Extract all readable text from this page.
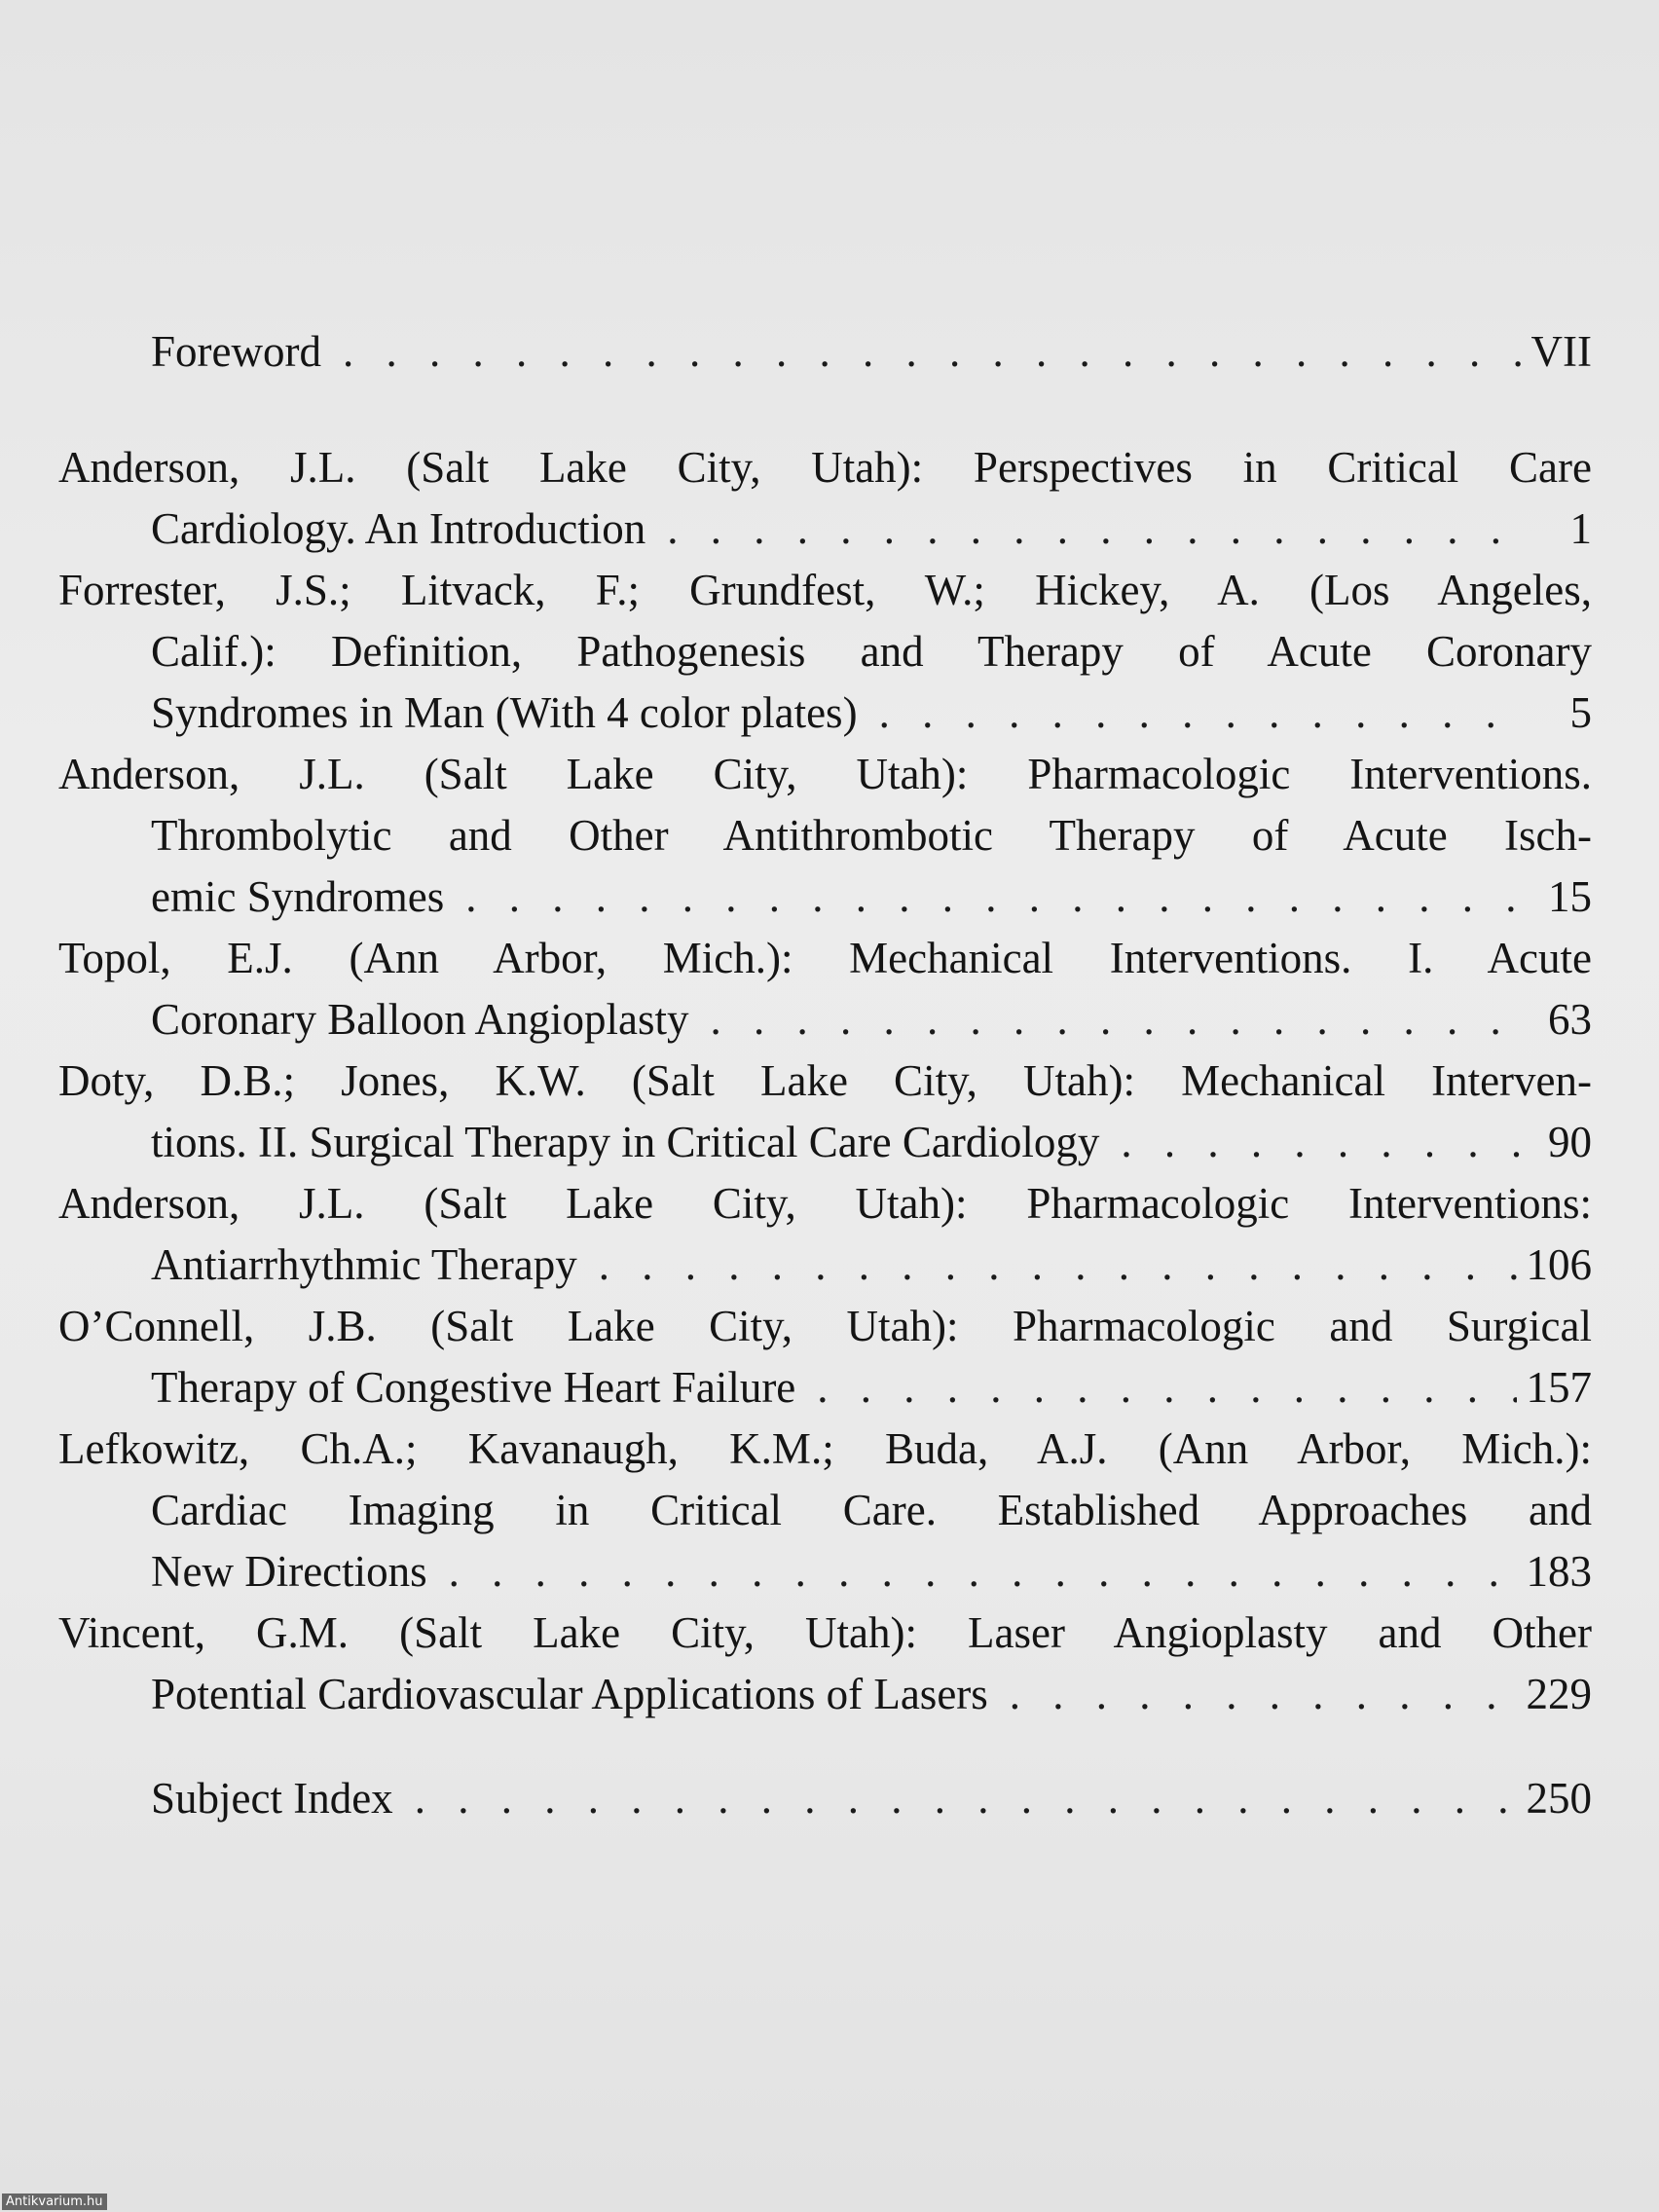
Foreword . . .	VII
Anderson, J.L. (Salt Lake City, Utah): Perspectives in Critical Care
Cardiology. An Introduction . . .	1
Forrester, J.S.; Litvack, F.; Grundfest, W.; Hickey, A. (Los Angeles,
Calif.): Definition, Pathogenesis and Therapy of Acute Coronary
Syndromes in Man (With 4 color plates) . . .	5
Anderson, J.L. (Salt Lake City, Utah): Pharmacologic Interventions.
Thrombolytic and Other Antithrombotic Therapy of Acute Isch-
emic Syndromes . . .	15
Topol, E.J. (Ann Arbor, Mich.): Mechanical Interventions. I. Acute
Coronary Balloon Angioplasty . . .	63
Doty, D.B.; Jones, K.W. (Salt Lake City, Utah): Mechanical Interven-
tions. II. Surgical Therapy in Critical Care Cardiology . . .	90
Anderson, J.L. (Salt Lake City, Utah): Pharmacologic Interventions:
Antiarrhythmic Therapy . . .	106
O’Connell, J.B. (Salt Lake City, Utah): Pharmacologic and Surgical
Therapy of Congestive Heart Failure . . .	157
Lefkowitz, Ch.A.; Kavanaugh, K.M.; Buda, A.J. (Ann Arbor, Mich.):
Cardiac Imaging in Critical Care. Established Approaches and
New Directions . . .	183
Vincent, G.M. (Salt Lake City, Utah): Laser Angioplasty and Other
Potential Cardiovascular Applications of Lasers . . .	229
Subject Index . . .	250
Antikvarium.hu
